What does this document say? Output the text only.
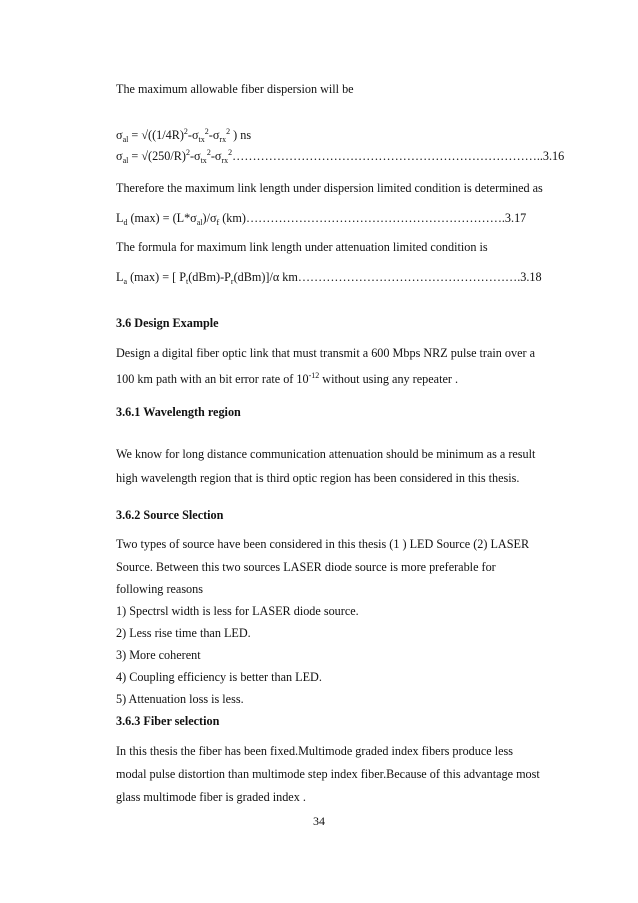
The maximum allowable fiber dispersion will be
$\sigma_{al} = √((1/4R)^2-\sigma_{tx}^2-\sigma_{rx}^2$ ) ns
$\sigma_{al}$ = $√(250/R)^2-\sigma_{tx}^2-\sigma_{rx}^2\dots\dots\dots\dots\dots\dots\dots\dots\dots\dots\dots\dots\dots\dots\dots\dots\dots\dots\dots\dots\dots\dots\dots\dots\dots..3.16$
Therefore the maximum link length under dispersion limited condition is determined as
$L_d$ $(\max) = (L*\sigma_{al})/\sigma_f$ (km)……………………………………………………….3.17
The formula for maximum link length under attenuation limited condition is
$L_a$ (max) = [ $P_t(dBm)-P_r(dBm)]/\alpha$ km……………………………………………….3.18
3.6 Design Example
Design a digital fiber optic link that must transmit a 600 Mbps NRZ pulse train over a
100 km path with an bit error rate of $10^{-12}$ without using any repeater .
3.6.1 Wavelength region
We know for long distance communication attenuation should be minimum as a result
high wavelength region that is third optic region has been considered in this thesis.
3.6.2 Source Slection
Two types of source have been considered in this thesis (1 ) LED Source (2) LASER
Source. Between this two sources LASER diode source is more preferable for
following reasons
1) Spectrsl width is less for LASER diode source.
2) Less rise time than LED.
3) More coherent
4) Coupling efficiency is better than LED.
5) Attenuation loss is less.
3.6.3 Fiber selection
In this thesis the fiber has been fixed.Multimode graded index fibers produce less
modal pulse distortion than multimode step index fiber.Because of this advantage most
glass multimode fiber is graded index .
34
